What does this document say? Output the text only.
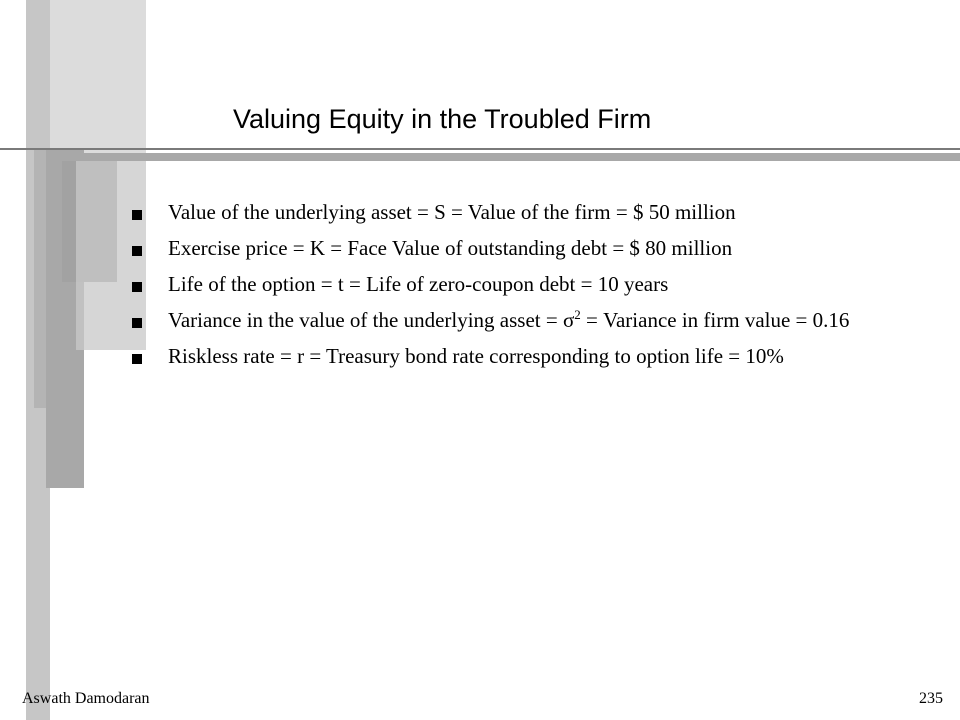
Valuing Equity in the Troubled Firm
Value of the underlying asset = S = Value of the firm = $ 50 million
Exercise price = K = Face Value of outstanding debt = $ 80 million
Life of the option = t = Life of zero-coupon debt = 10 years
Variance in the value of the underlying asset = $\sigma^2$ = Variance in firm value = 0.16
Riskless rate = r = Treasury bond rate corresponding to option life = 10%
Aswath Damodaran	235
